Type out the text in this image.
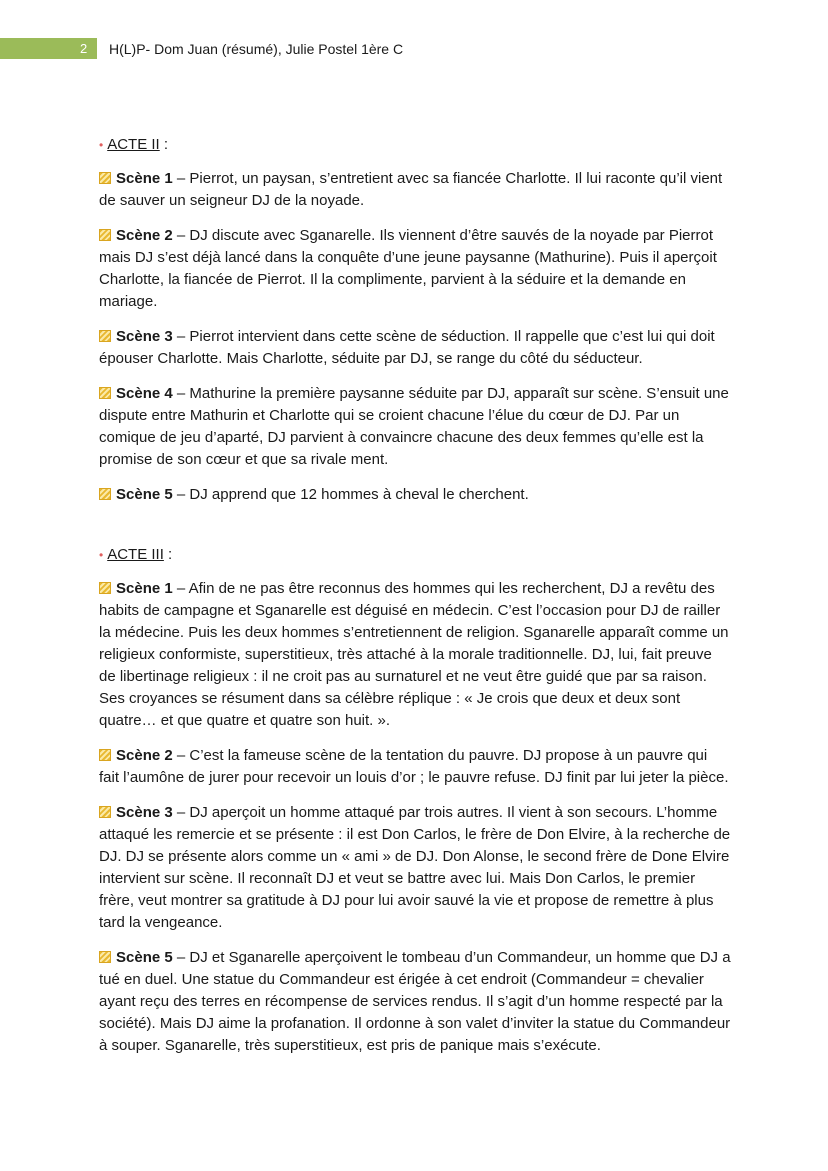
2 H(L)P- Dom Juan (résumé), Julie Postel 1ère C

• ACTE II :

Scène 1 – Pierrot, un paysan, s’entretient avec sa fiancée Charlotte. Il lui raconte qu’il vient de sauver un seigneur DJ de la noyade.

Scène 2 – DJ discute avec Sganarelle. Ils viennent d’être sauvés de la noyade par Pierrot mais DJ s’est déjà lancé dans la conquête d’une jeune paysanne (Mathurine). Puis il aperçoit Charlotte, la fiancée de Pierrot. Il la complimente, parvient à la séduire et la demande en mariage.

Scène 3 – Pierrot intervient dans cette scène de séduction. Il rappelle que c’est lui qui doit épouser Charlotte. Mais Charlotte, séduite par DJ, se range du côté du séducteur.

Scène 4 – Mathurine la première paysanne séduite par DJ, apparaît sur scène. S’ensuit une dispute entre Mathurin et Charlotte qui se croient chacune l’élue du cœur de DJ. Par un comique de jeu d’aparté, DJ parvient à convaincre chacune des deux femmes qu’elle est la promise de son cœur et que sa rivale ment.

Scène 5 – DJ apprend que 12 hommes à cheval le cherchent.

• ACTE III :

Scène 1 – Afin de ne pas être reconnus des hommes qui les recherchent, DJ a revêtu des habits de campagne et Sganarelle est déguisé en médecin. C’est l’occasion pour DJ de railler la médecine. Puis les deux hommes s’entretiennent de religion. Sganarelle apparaît comme un religieux conformiste, superstitieux, très attaché à la morale traditionnelle. DJ, lui, fait preuve de libertinage religieux : il ne croit pas au surnaturel et ne veut être guidé que par sa raison. Ses croyances se résument dans sa célèbre réplique : « Je crois que deux et deux sont quatre… et que quatre et quatre son huit. ».

Scène 2 – C’est la fameuse scène de la tentation du pauvre. DJ propose à un pauvre qui fait l’aumône de jurer pour recevoir un louis d’or ; le pauvre refuse. DJ finit par lui jeter la pièce.

Scène 3 – DJ aperçoit un homme attaqué par trois autres. Il vient à son secours. L’homme attaqué les remercie et se présente : il est Don Carlos, le frère de Don Elvire, à la recherche de DJ. DJ se présente alors comme un « ami » de DJ. Don Alonse, le second frère de Done Elvire intervient sur scène. Il reconnaît DJ et veut se battre avec lui. Mais Don Carlos, le premier frère, veut montrer sa gratitude à DJ pour lui avoir sauvé la vie et propose de remettre à plus tard la vengeance.

Scène 5 – DJ et Sganarelle aperçoivent le tombeau d’un Commandeur, un homme que DJ a tué en duel. Une statue du Commandeur est érigée à cet endroit (Commandeur = chevalier ayant reçu des terres en récompense de services rendus. Il s’agit d’un homme respecté par la société). Mais DJ aime la profanation. Il ordonne à son valet d’inviter la statue du Commandeur à souper. Sganarelle, très superstitieux, est pris de panique mais s’exécute.
